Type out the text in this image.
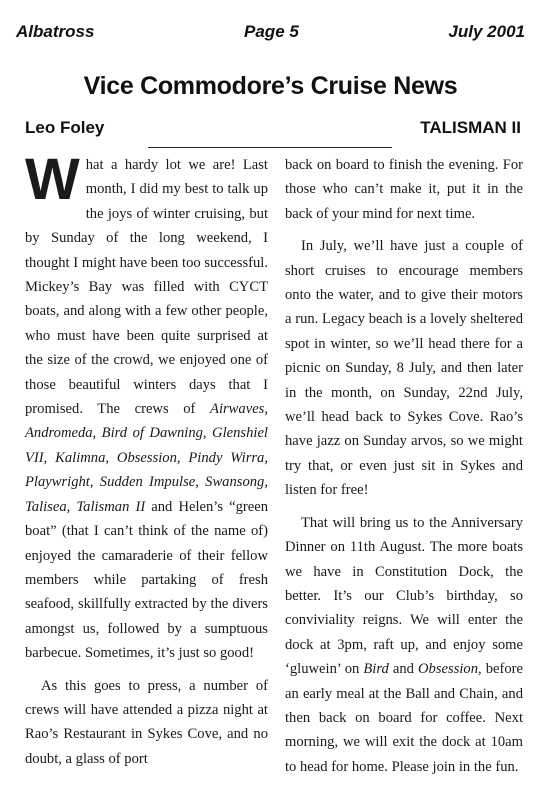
Albatross	Page 5	July 2001
Vice Commodore’s Cruise News
Leo Foley	TALISMAN II

What a hardy lot we are! Last month, I did my best to talk up the joys of winter cruising, but by Sunday of the long weekend, I thought I might have been too successful. Mickey’s Bay was filled with CYCT boats, and along with a few other people, who must have been quite surprised at the size of the crowd, we enjoyed one of those beautiful winters days that I promised. The crews of Airwaves, Andromeda, Bird of Dawning, Glenshiel VII, Kalimna, Obsession, Pindy Wirra, Playwright, Sudden Impulse, Swansong, Talisea, Talisman II and Helen’s “green boat” (that I can’t think of the name of) enjoyed the camaraderie of their fellow members while partaking of fresh seafood, skillfully extracted by the divers amongst us, followed by a sumptuous barbecue. Sometimes, it’s just so good!

As this goes to press, a number of crews will have attended a pizza night at Rao’s Restaurant in Sykes Cove, and no doubt, a glass of port

back on board to finish the evening. For those who can’t make it, put it in the back of your mind for next time.

In July, we’ll have just a couple of short cruises to encourage members onto the water, and to give their motors a run. Legacy beach is a lovely sheltered spot in winter, so we’ll head there for a picnic on Sunday, 8 July, and then later in the month, on Sunday, 22nd July, we’ll head back to Sykes Cove. Rao’s have jazz on Sunday arvos, so we might try that, or even just sit in Sykes and listen for free!

That will bring us to the Anniversary Dinner on 11th August. The more boats we have in Constitution Dock, the better. It’s our Club’s birthday, so conviviality reigns. We will enter the dock at 3pm, raft up, and enjoy some ‘gluwein’ on Bird and Obsession, before an early meal at the Ball and Chain, and then back on board for coffee. Next morning, we will exit the dock at 10am to head for home. Please join in the fun.
